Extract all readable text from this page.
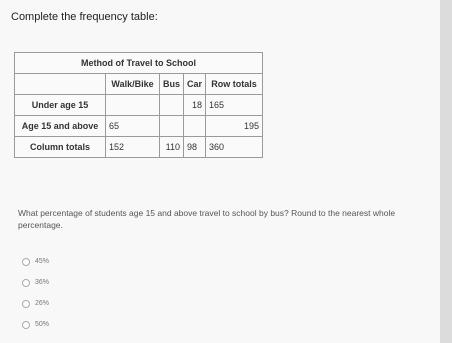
Complete the frequency table:
Method of Travel to School				
	Walk/Bike	Bus	Car	Row totals
Under age 15			18	165
Age 15 and above	65			195
Column totals	152	110	98	360
What percentage of students age 15 and above travel to school by bus? Round to the nearest whole percentage.
45%
36%
26%
50%
